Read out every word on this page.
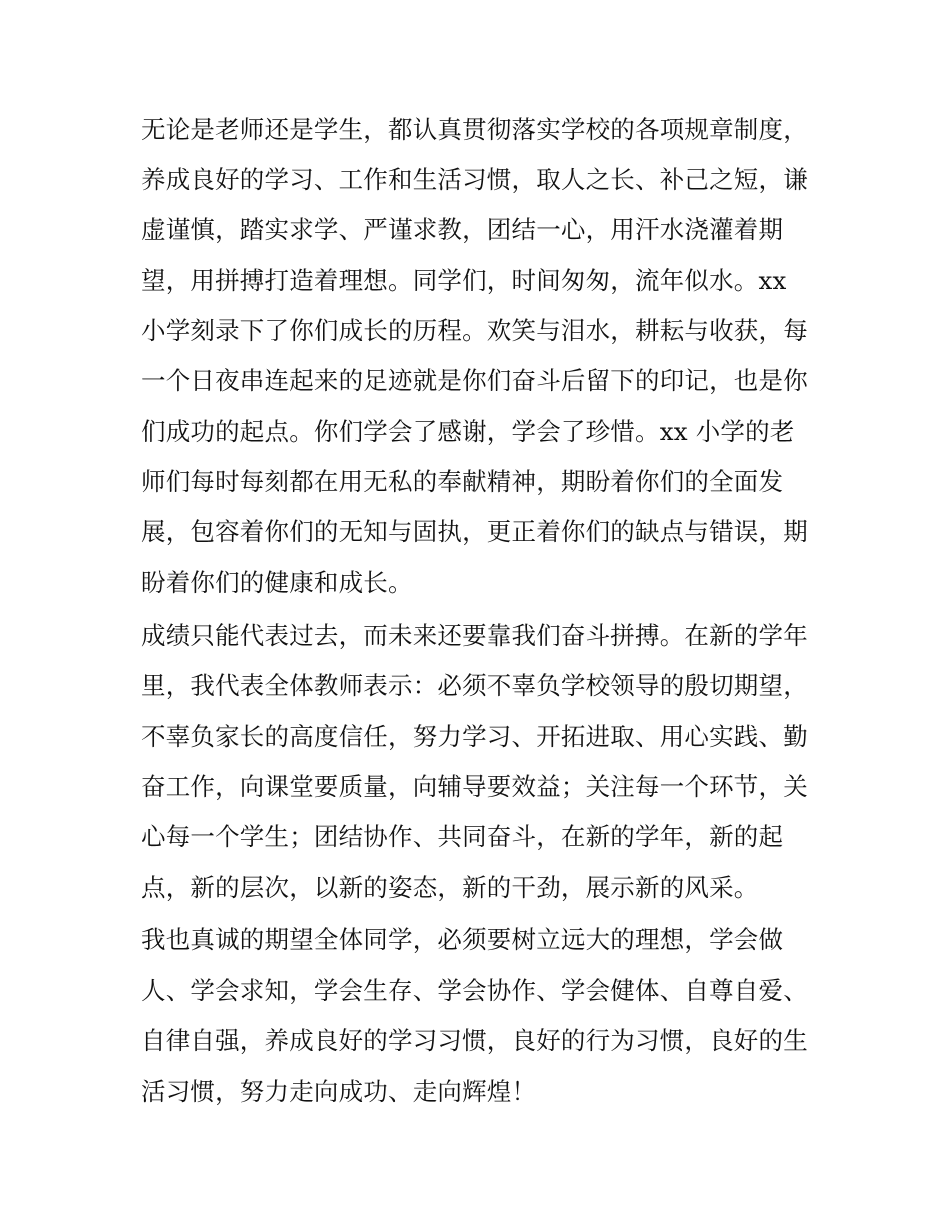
无论是老师还是学生，都认真贯彻落实学校的各项规章制度，
养成良好的学习、工作和生活习惯，取人之长、补己之短，谦
虚谨慎，踏实求学、严谨求教，团结一心，用汗水浇灌着期
望，用拼搏打造着理想。同学们，时间匆匆，流年似水。xx
小学刻录下了你们成长的历程。欢笑与泪水，耕耘与收获，每
一个日夜串连起来的足迹就是你们奋斗后留下的印记，也是你
们成功的起点。你们学会了感谢，学会了珍惜。xx 小学的老
师们每时每刻都在用无私的奉献精神，期盼着你们的全面发
展，包容着你们的无知与固执，更正着你们的缺点与错误，期
盼着你们的健康和成长。
成绩只能代表过去，而未来还要靠我们奋斗拼搏。在新的学年
里，我代表全体教师表示：必须不辜负学校领导的殷切期望，
不辜负家长的高度信任，努力学习、开拓进取、用心实践、勤
奋工作，向课堂要质量，向辅导要效益；关注每一个环节，关
心每一个学生；团结协作、共同奋斗，在新的学年，新的起
点，新的层次，以新的姿态，新的干劲，展示新的风采。
我也真诚的期望全体同学，必须要树立远大的理想，学会做
人、学会求知，学会生存、学会协作、学会健体、自尊自爱、
自律自强，养成良好的学习习惯，良好的行为习惯，良好的生
活习惯，努力走向成功、走向辉煌！
